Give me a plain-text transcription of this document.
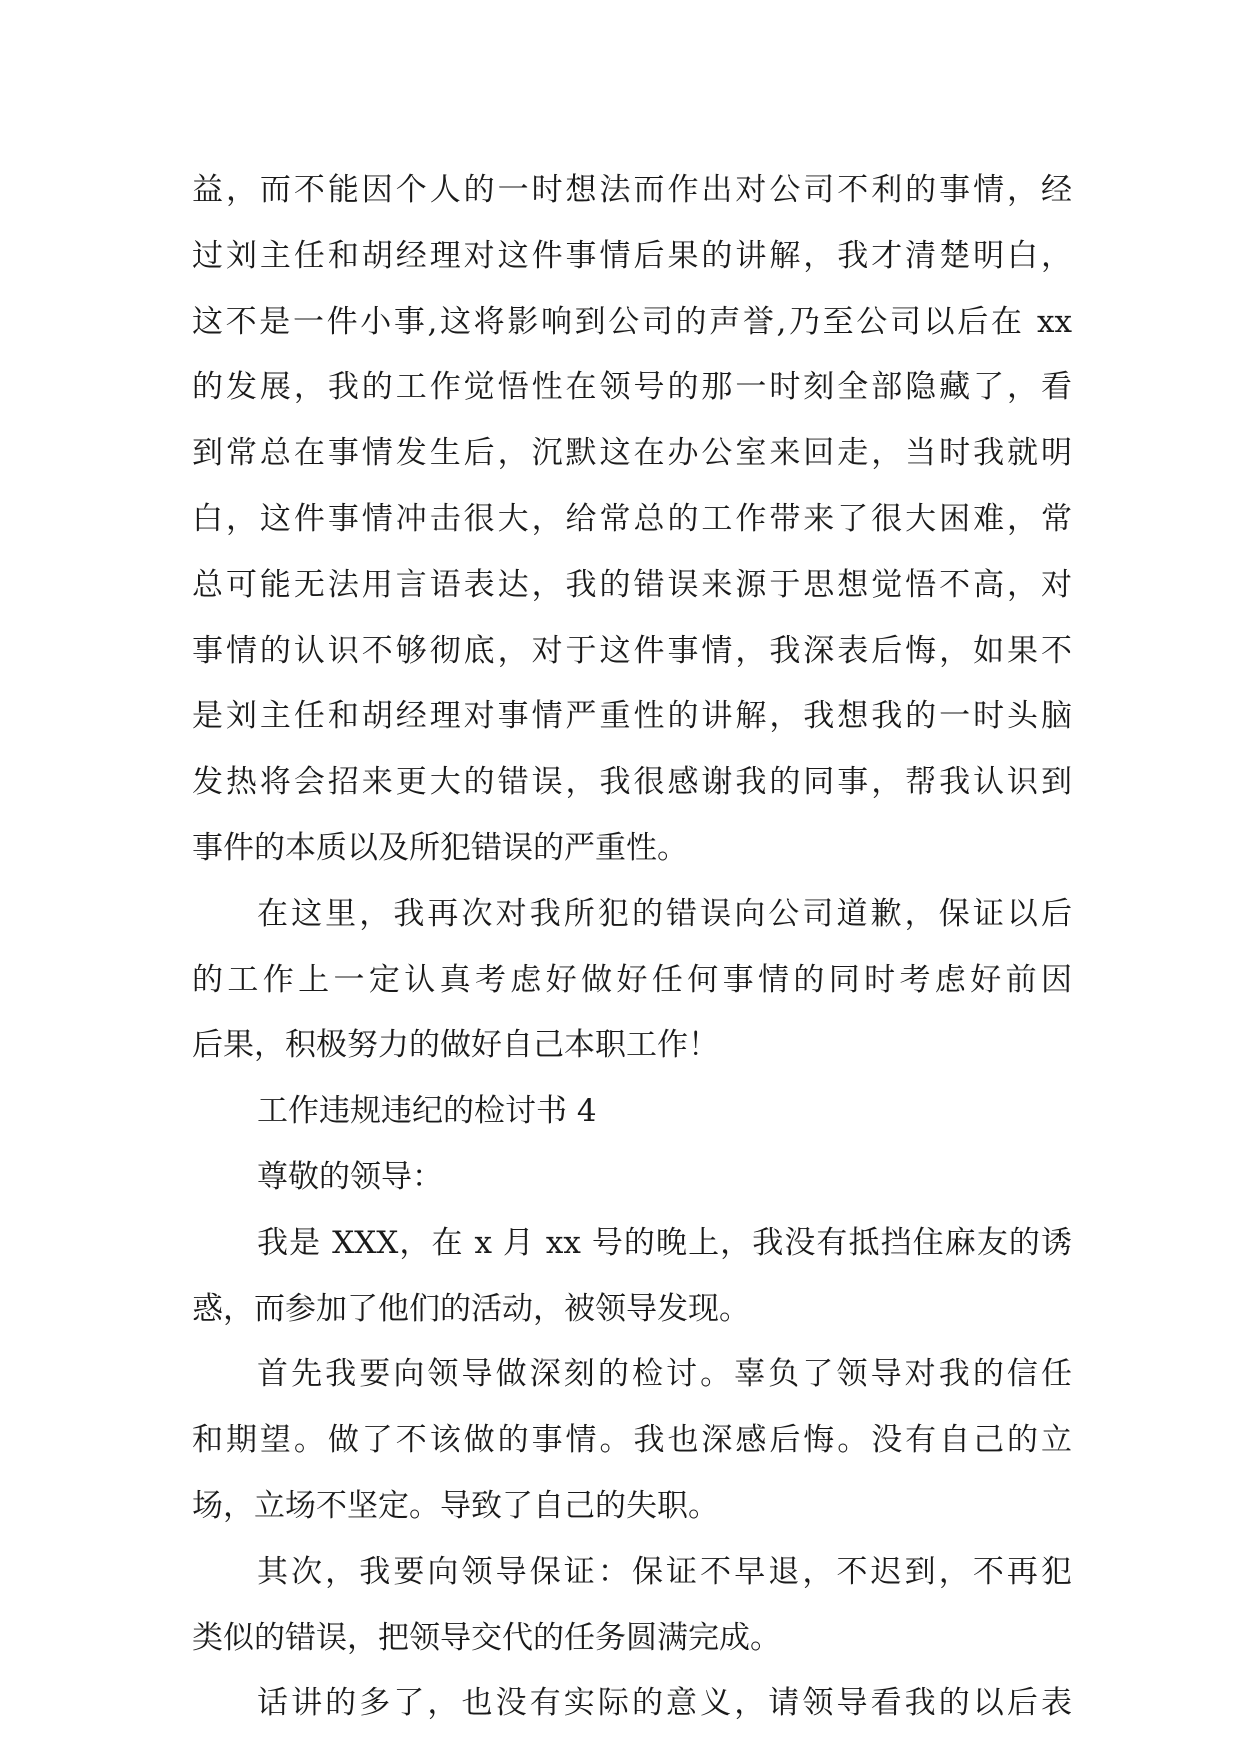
益，而不能因个人的一时想法而作出对公司不利的事情，经
过刘主任和胡经理对这件事情后果的讲解，我才清楚明白，
这不是一件小事,这将影响到公司的声誉,乃至公司以后在 xx
的发展，我的工作觉悟性在领号的那一时刻全部隐藏了，看
到常总在事情发生后，沉默这在办公室来回走，当时我就明
白，这件事情冲击很大，给常总的工作带来了很大困难，常
总可能无法用言语表达，我的错误来源于思想觉悟不高，对
事情的认识不够彻底，对于这件事情，我深表后悔，如果不
是刘主任和胡经理对事情严重性的讲解，我想我的一时头脑
发热将会招来更大的错误，我很感谢我的同事，帮我认识到
事件的本质以及所犯错误的严重性。
在这里，我再次对我所犯的错误向公司道歉，保证以后
的工作上一定认真考虑好做好任何事情的同时考虑好前因
后果，积极努力的做好自己本职工作！
工作违规违纪的检讨书 4
尊敬的领导：
我是 XXX，在 x 月 xx 号的晚上，我没有抵挡住麻友的诱
惑，而参加了他们的活动，被领导发现。
首先我要向领导做深刻的检讨。辜负了领导对我的信任
和期望。做了不该做的事情。我也深感后悔。没有自己的立
场，立场不坚定。导致了自己的失职。
其次，我要向领导保证：保证不早退，不迟到，不再犯
类似的错误，把领导交代的任务圆满完成。
话讲的多了，也没有实际的意义，请领导看我的以后表
